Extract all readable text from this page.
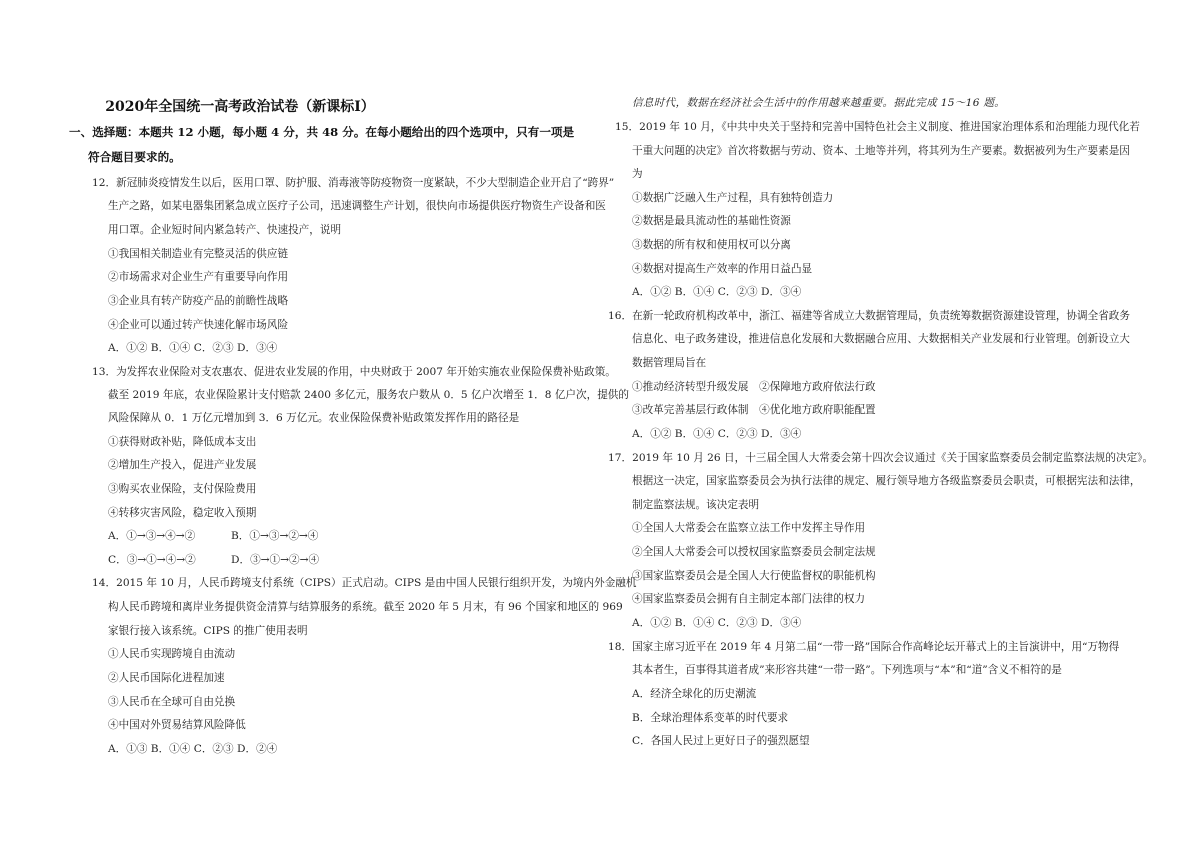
2020年全国统一高考政治试卷（新课标Ⅰ）
一、选择题：本题共 12 小题，每小题 4 分，共 48 分。在每小题给出的四个选项中，只有一项是
符合题目要求的。
12．新冠肺炎疫情发生以后，医用口罩、防护服、消毒液等防疫物资一度紧缺，不少大型制造企业开启了“跨界”
生产之路，如某电器集团紧急成立医疗子公司，迅速调整生产计划，很快向市场提供医疗物资生产设备和医
用口罩。企业短时间内紧急转产、快速投产，说明
①我国相关制造业有完整灵活的供应链
②市场需求对企业生产有重要导向作用
③企业具有转产防疫产品的前瞻性战略
④企业可以通过转产快速化解市场风险
A．①② B．①④ C．②③ D．③④
13．为发挥农业保险对支农惠农、促进农业发展的作用，中央财政于 2007 年开始实施农业保险保费补贴政策。
截至 2019 年底，农业保险累计支付赔款 2400 多亿元，服务农户数从 0．5 亿户次增至 1．8 亿户次，提供的
风险保障从 0．1 万亿元增加到 3．6 万亿元。农业保险保费补贴政策发挥作用的路径是
①获得财政补贴，降低成本支出
②增加生产投入，促进产业发展
③购买农业保险，支付保险费用
④转移灾害风险，稳定收入预期
A．①→③→④→②	B．①→③→②→④
C．③→①→④→②	D．③→①→②→④
14．2015 年 10 月，人民币跨境支付系统（CIPS）正式启动。CIPS 是由中国人民银行组织开发，为境内外金融机
构人民币跨境和离岸业务提供资金清算与结算服务的系统。截至 2020 年 5 月末，有 96 个国家和地区的 969
家银行接入该系统。CIPS 的推广使用表明
①人民币实现跨境自由流动
②人民币国际化进程加速
③人民币在全球可自由兑换
④中国对外贸易结算风险降低
A．①③ B．①④ C．②③ D．②④
信息时代，数据在经济社会生活中的作用越来越重要。据此完成 15～16 题。
15．2019 年 10 月，《中共中央关于坚持和完善中国特色社会主义制度、推进国家治理体系和治理能力现代化若
干重大问题的决定》首次将数据与劳动、资本、土地等并列，将其列为生产要素。数据被列为生产要素是因
为
①数据广泛融入生产过程，具有独特创造力
②数据是最具流动性的基础性资源
③数据的所有权和使用权可以分离
④数据对提高生产效率的作用日益凸显
A．①② B．①④ C．②③ D．③④
16．在新一轮政府机构改革中，浙江、福建等省成立大数据管理局，负责统筹数据资源建设管理，协调全省政务
信息化、电子政务建设，推进信息化发展和大数据融合应用、大数据相关产业发展和行业管理。创新设立大
数据管理局旨在
①推动经济转型升级发展　②保障地方政府依法行政
③改革完善基层行政体制　④优化地方政府职能配置
A．①② B．①④ C．②③ D．③④
17．2019 年 10 月 26 日，十三届全国人大常委会第十四次会议通过《关于国家监察委员会制定监察法规的决定》。
根据这一决定，国家监察委员会为执行法律的规定、履行领导地方各级监察委员会职责，可根据宪法和法律，
制定监察法规。该决定表明
①全国人大常委会在监察立法工作中发挥主导作用
②全国人大常委会可以授权国家监察委员会制定法规
③国家监察委员会是全国人大行使监督权的职能机构
④国家监察委员会拥有自主制定本部门法律的权力
A．①② B．①④ C．②③ D．③④
18．国家主席习近平在 2019 年 4 月第二届“一带一路”国际合作高峰论坛开幕式上的主旨演讲中，用“万物得
其本者生，百事得其道者成”来形容共建“一带一路”。下列选项与“本”和“道”含义不相符的是
A．经济全球化的历史潮流
B．全球治理体系变革的时代要求
C．各国人民过上更好日子的强烈愿望
